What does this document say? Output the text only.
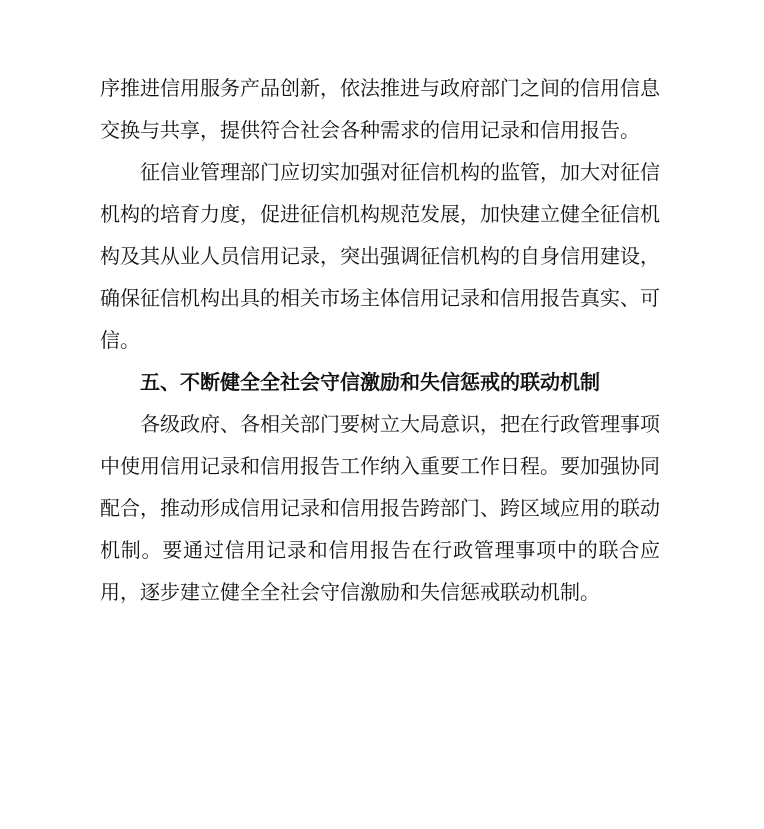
序推进信用服务产品创新，依法推进与政府部门之间的信用信息
交换与共享，提供符合社会各种需求的信用记录和信用报告。
征信业管理部门应切实加强对征信机构的监管，加大对征信
机构的培育力度，促进征信机构规范发展，加快建立健全征信机
构及其从业人员信用记录，突出强调征信机构的自身信用建设，
确保征信机构出具的相关市场主体信用记录和信用报告真实、可
信。
五、不断健全全社会守信激励和失信惩戒的联动机制
各级政府、各相关部门要树立大局意识，把在行政管理事项
中使用信用记录和信用报告工作纳入重要工作日程。要加强协同
配合，推动形成信用记录和信用报告跨部门、跨区域应用的联动
机制。要通过信用记录和信用报告在行政管理事项中的联合应
用，逐步建立健全全社会守信激励和失信惩戒联动机制。
